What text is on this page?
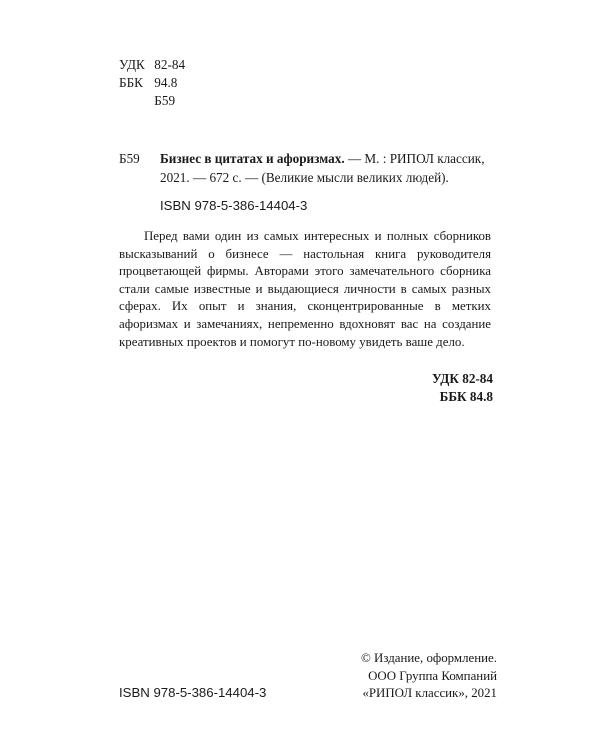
УДК 82-84
ББК 94.8
Б59
Б59 Бизнес в цитатах и афоризмах. — М. : РИПОЛ классик, 2021. — 672 с. — (Великие мысли великих людей).
ISBN 978-5-386-14404-3
Перед вами один из самых интересных и полных сборников высказываний о бизнесе — настольная книга руководителя процветающей фирмы. Авторами этого замечательного сборника стали самые известные и выдающиеся личности в самых разных сферах. Их опыт и знания, сконцентрированные в метких афоризмах и замечаниях, непременно вдохновят вас на создание креативных проектов и помогут по-новому увидеть ваше дело.
УДК 82-84
ББК 84.8
ISBN 978-5-386-14404-3
© Издание, оформление.
ООО Группа Компаний
«РИПОЛ классик», 2021
